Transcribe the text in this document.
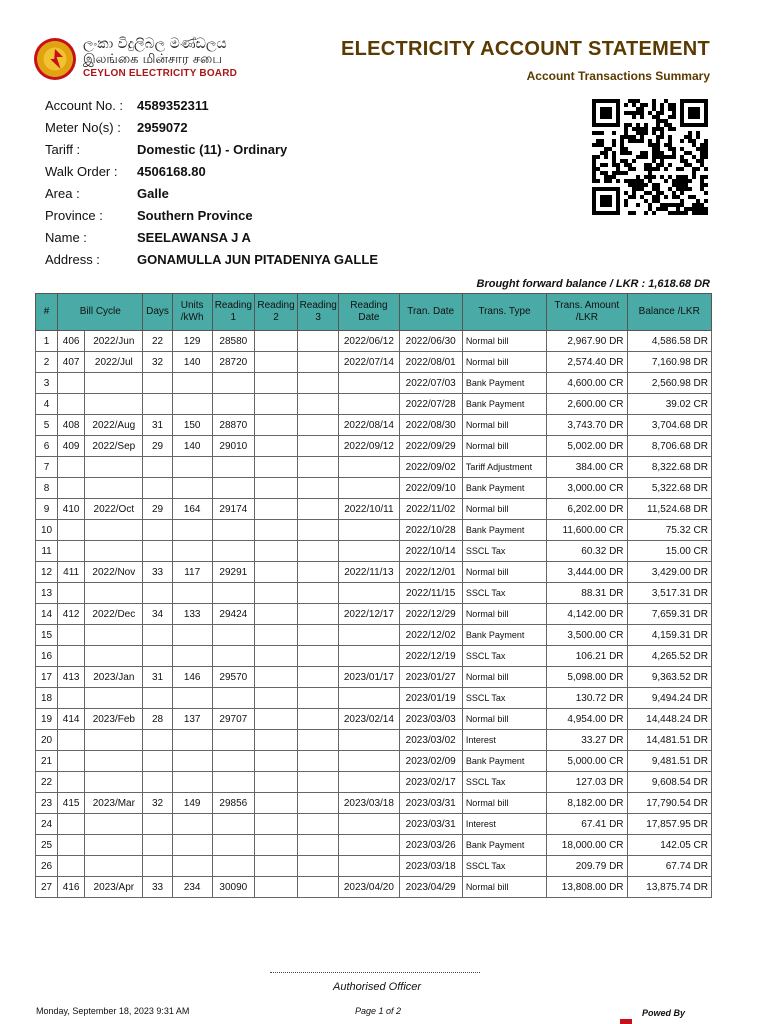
ලංකා විදුලිබල මණ්ඩලය
இலங்கை மின்சார சபை
CEYLON ELECTRICITY BOARD
ELECTRICITY ACCOUNT STATEMENT
Account Transactions Summary
Account No. :	4589352311
Meter No(s) :	2959072
Tariff :	Domestic (11) - Ordinary
Walk Order :	4506168.80
Area :	Galle
Province :	Southern Province
Name :	SEELAWANSA J A
Address :	GONAMULLA JUN PITADENIYA GALLE
Brought forward balance / LKR : 1,618.68 DR
#	Bill Cycle		Days	Units /kWh	Reading 1	Reading 2	Reading 3	Reading Date	Tran. Date	Trans. Type	Trans. Amount /LKR	Balance /LKR
1	406	2022/Jun	22	129	28580			2022/06/12	2022/06/30	Normal bill	2,967.90 DR	4,586.58 DR
2	407	2022/Jul	32	140	28720			2022/07/14	2022/08/01	Normal bill	2,574.40 DR	7,160.98 DR
3									2022/07/03	Bank Payment	4,600.00 CR	2,560.98 DR
4									2022/07/28	Bank Payment	2,600.00 CR	39.02 CR
5	408	2022/Aug	31	150	28870			2022/08/14	2022/08/30	Normal bill	3,743.70 DR	3,704.68 DR
6	409	2022/Sep	29	140	29010			2022/09/12	2022/09/29	Normal bill	5,002.00 DR	8,706.68 DR
7									2022/09/02	Tariff Adjustment	384.00 CR	8,322.68 DR
8									2022/09/10	Bank Payment	3,000.00 CR	5,322.68 DR
9	410	2022/Oct	29	164	29174			2022/10/11	2022/11/02	Normal bill	6,202.00 DR	11,524.68 DR
10									2022/10/28	Bank Payment	11,600.00 CR	75.32 CR
11									2022/10/14	SSCL Tax	60.32 DR	15.00 CR
12	411	2022/Nov	33	117	29291			2022/11/13	2022/12/01	Normal bill	3,444.00 DR	3,429.00 DR
13									2022/11/15	SSCL Tax	88.31 DR	3,517.31 DR
14	412	2022/Dec	34	133	29424			2022/12/17	2022/12/29	Normal bill	4,142.00 DR	7,659.31 DR
15									2022/12/02	Bank Payment	3,500.00 CR	4,159.31 DR
16									2022/12/19	SSCL Tax	106.21 DR	4,265.52 DR
17	413	2023/Jan	31	146	29570			2023/01/17	2023/01/27	Normal bill	5,098.00 DR	9,363.52 DR
18									2023/01/19	SSCL Tax	130.72 DR	9,494.24 DR
19	414	2023/Feb	28	137	29707			2023/02/14	2023/03/03	Normal bill	4,954.00 DR	14,448.24 DR
20									2023/03/02	Interest	33.27 DR	14,481.51 DR
21									2023/02/09	Bank Payment	5,000.00 CR	9,481.51 DR
22									2023/02/17	SSCL Tax	127.03 DR	9,608.54 DR
23	415	2023/Mar	32	149	29856			2023/03/18	2023/03/31	Normal bill	8,182.00 DR	17,790.54 DR
24									2023/03/31	Interest	67.41 DR	17,857.95 DR
25									2023/03/26	Bank Payment	18,000.00 CR	142.05 CR
26									2023/03/18	SSCL Tax	209.79 DR	67.74 DR
27	416	2023/Apr	33	234	30090			2023/04/20	2023/04/29	Normal bill	13,808.00 DR	13,875.74 DR
Authorised Officer
Monday, September 18, 2023 9:31 AM	Page 1 of 2	Powed By
